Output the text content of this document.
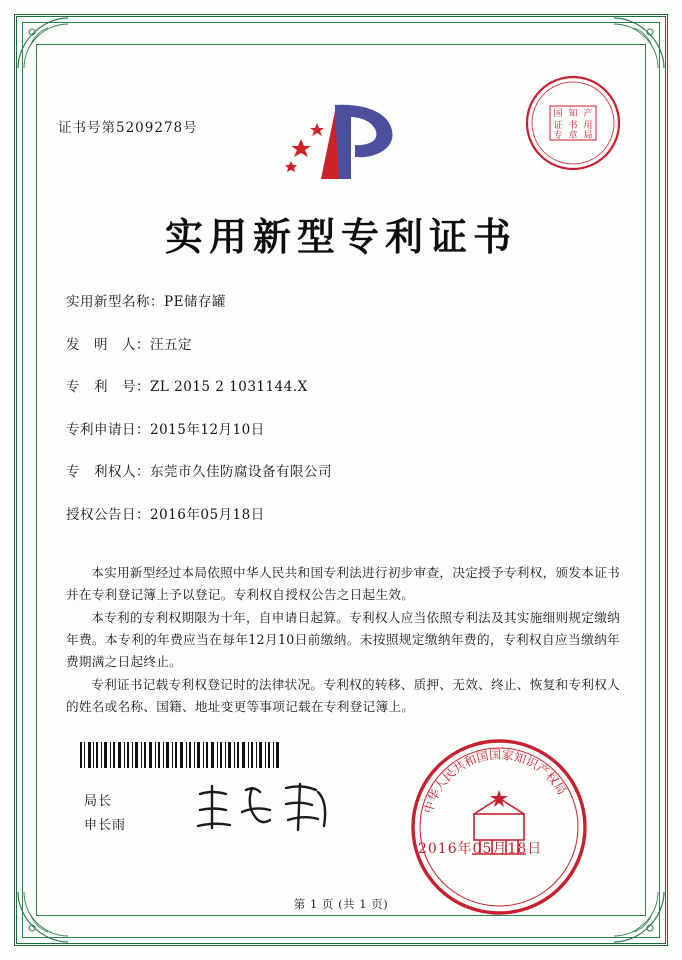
证书号第5209278号
国 知 产
证 书 用
专 章 局
实用新型专利证书
实用新型名称：PE储存罐
发　明　人：汪五定
专　利　号：ZL 2015 2 1031144.X
专利申请日：2015年12月10日
专　利权人：东莞市久佳防腐设备有限公司
授权公告日：2016年05月18日

本实用新型经过本局依照中华人民共和国专利法进行初步审查，决定授予专利权，颁发本证书并在专利登记簿上予以登记。专利权自授权公告之日起生效。

本专利的专利权期限为十年，自申请日起算。专利权人应当依照专利法及其实施细则规定缴纳年费。本专利的年费应当在每年12月10日前缴纳。未按照规定缴纳年费的，专利权自应当缴纳年费期满之日起终止。

专利证书记载专利权登记时的法律状况。专利权的转移、质押、无效、终止、恢复和专利权人的姓名或名称、国籍、地址变更等事项记载在专利登记簿上。

局长
申长雨
中华人民共和国国家知识产权局
2016年05月18日
第 1 页 (共 1 页)
